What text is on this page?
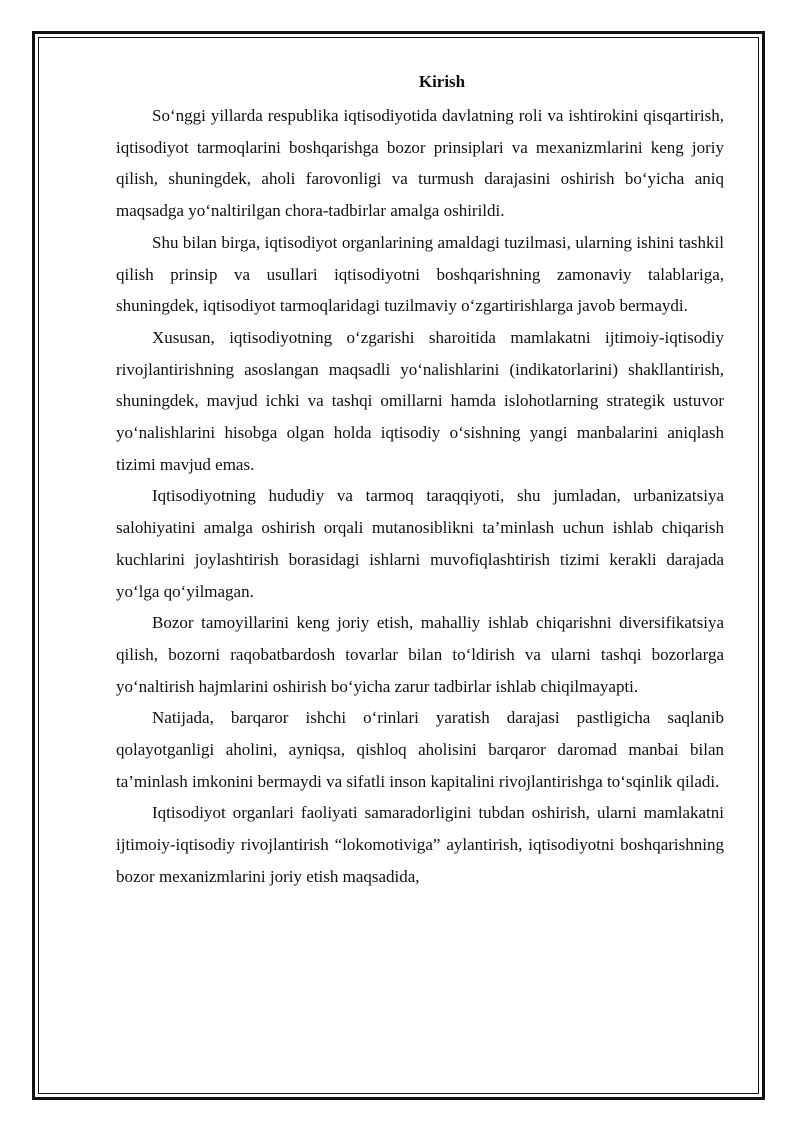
Kirish

So‘nggi yillarda respublika iqtisodiyotida davlatning roli va ishtirokini qisqartirish, iqtisodiyot tarmoqlarini boshqarishga bozor prinsiplari va mexanizmlarini keng joriy qilish, shuningdek, aholi farovonligi va turmush darajasini oshirish bo‘yicha aniq maqsadga yo‘naltirilgan chora-tadbirlar amalga oshirildi.

Shu bilan birga, iqtisodiyot organlarining amaldagi tuzilmasi, ularning ishini tashkil qilish prinsip va usullari iqtisodiyotni boshqarishning zamonaviy talablariga, shuningdek, iqtisodiyot tarmoqlaridagi tuzilmaviy o‘zgartirishlarga javob bermaydi.

Xususan, iqtisodiyotning o‘zgarishi sharoitida mamlakatni ijtimoiy-iqtisodiy rivojlantirishning asoslangan maqsadli yo‘nalishlarini (indikatorlarini) shakllantirish, shuningdek, mavjud ichki va tashqi omillarni hamda islohotlarning strategik ustuvor yo‘nalishlarini hisobga olgan holda iqtisodiy o‘sishning yangi manbalarini aniqlash tizimi mavjud emas.

Iqtisodiyotning hududiy va tarmoq taraqqiyoti, shu jumladan, urbanizatsiya salohiyatini amalga oshirish orqali mutanosiblikni ta’minlash uchun ishlab chiqarish kuchlarini joylashtirish borasidagi ishlarni muvofiqlashtirish tizimi kerakli darajada yo‘lga qo‘yilmagan.

Bozor tamoyillarini keng joriy etish, mahalliy ishlab chiqarishni diversifikatsiya qilish, bozorni raqobatbardosh tovarlar bilan to‘ldirish va ularni tashqi bozorlarga yo‘naltirish hajmlarini oshirish bo‘yicha zarur tadbirlar ishlab chiqilmayapti.

Natijada, barqaror ishchi o‘rinlari yaratish darajasi pastligicha saqlanib qolayotganligi aholini, ayniqsa, qishloq aholisini barqaror daromad manbai bilan ta’minlash imkonini bermaydi va sifatli inson kapitalini rivojlantirishga to‘sqinlik qiladi.

Iqtisodiyot organlari faoliyati samaradorligini tubdan oshirish, ularni mamlakatni ijtimoiy-iqtisodiy rivojlantirish “lokomotiviga” aylantirish, iqtisodiyotni boshqarishning bozor mexanizmlarini joriy etish maqsadida,
